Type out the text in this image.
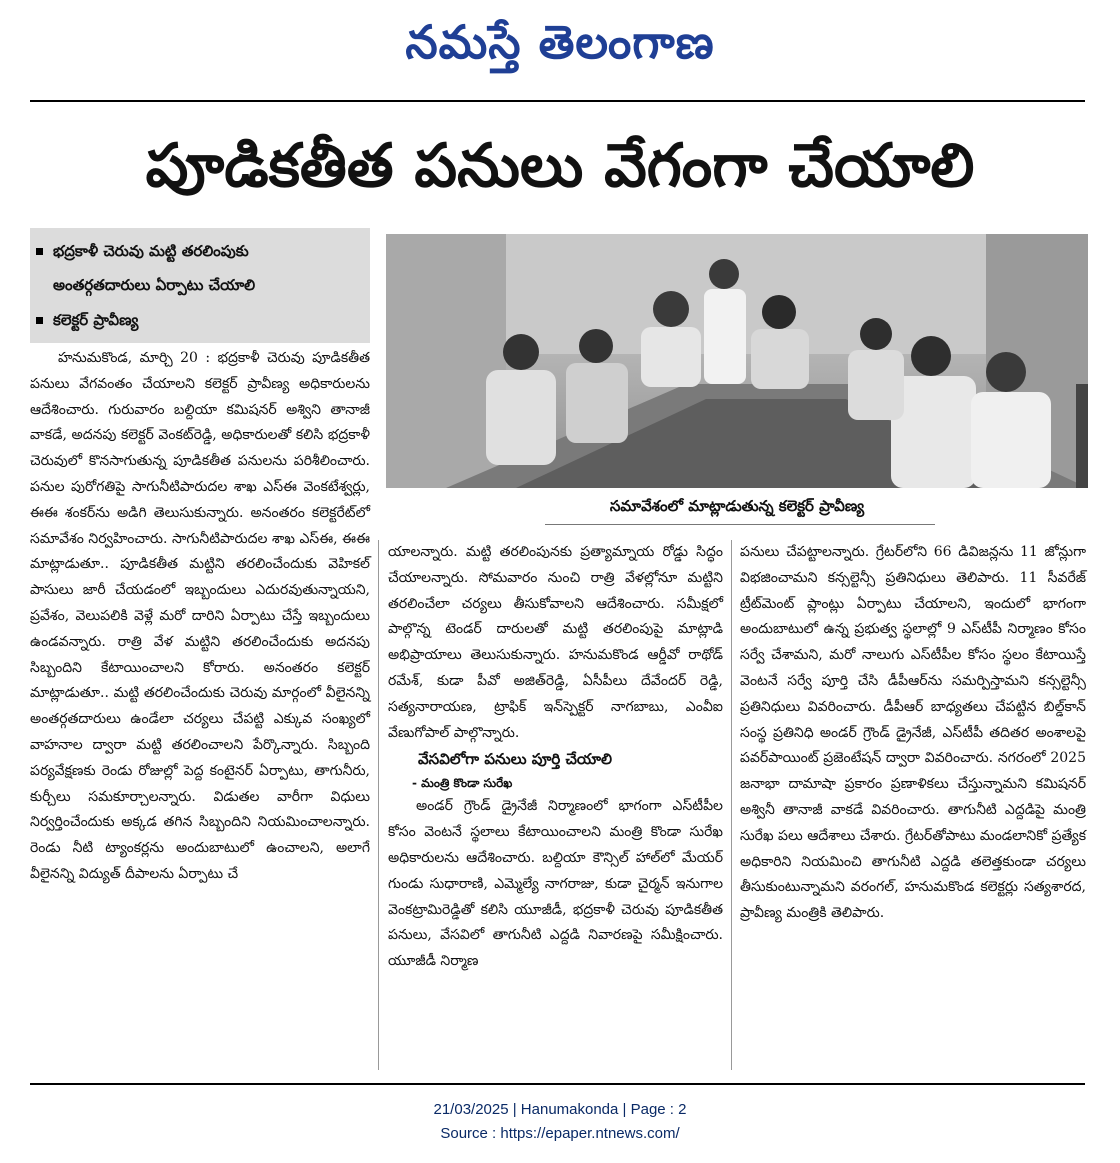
నమస్తే తెలంగాణ
పూడికతీత పనులు వేగంగా చేయాలి
భద్రకాళీ చెరువు మట్టి తరలింపుకు
అంతర్గతదారులు ఏర్పాటు చేయాలి
కలెక్టర్ ప్రావీణ్య
సమావేశంలో మాట్లాడుతున్న కలెక్టర్ ప్రావీణ్య

హనుమకొండ, మార్చి 20 : భద్రకాళీ చెరువు పూడికతీత పనులు వేగవంతం చేయాలని కలెక్టర్ ప్రావీణ్య అధికారులను ఆదేశించారు. గురువారం బల్దియా కమిషనర్ అశ్విని తానాజీ వాకడే, అదనపు కలెక్టర్ వెంకట్‌రెడ్డి, అధికారులతో కలిసి భద్రకాళీ చెరువులో కొనసాగుతున్న పూడికతీత పనులను పరిశీలించారు. పనుల పురోగతిపై సాగునీటిపారుదల శాఖ ఎస్‌ఈ వెంకటేశ్వర్లు, ఈఈ శంకర్‌ను అడిగి తెలుసుకున్నారు. అనంతరం కలెక్టరేట్‌లో సమావేశం నిర్వహించారు. సాగునీటిపారుదల శాఖ ఎస్‌ఈ, ఈఈ మాట్లాడుతూ.. పూడికతీత మట్టిని తరలించేందుకు వెహికల్ పాసులు జారీ చేయడంలో ఇబ్బందులు ఎదురవుతున్నాయని, ప్రవేశం, వెలుపలికి వెళ్లే మరో దారిని ఏర్పాటు చేస్తే ఇబ్బందులు ఉండవన్నారు. రాత్రి వేళ మట్టిని తరలించేందుకు అదనపు సిబ్బందిని కేటాయించాలని కోరారు. అనంతరం కలెక్టర్ మాట్లాడుతూ.. మట్టి తరలించేందుకు చెరువు మార్గంలో వీలైనన్ని అంతర్గతదారులు ఉండేలా చర్యలు చేపట్టి ఎక్కువ సంఖ్యలో వాహనాల ద్వారా మట్టి తరలించాలని పేర్కొన్నారు. సిబ్బంది పర్యవేక్షణకు రెండు రోజుల్లో పెద్ద కంటైనర్ ఏర్పాటు, తాగునీరు, కుర్చీలు సమకూర్చాలన్నారు. విడుతల వారీగా విధులు నిర్వర్తించేందుకు అక్కడ తగిన సిబ్బందిని నియమించాలన్నారు. రెండు నీటి ట్యాంకర్లను అందుబాటులో ఉంచాలని, అలాగే వీలైనన్ని విద్యుత్ దీపాలను ఏర్పాటు చే

యాలన్నారు. మట్టి తరలింపునకు ప్రత్యామ్నాయ రోడ్డు సిద్ధం చేయాలన్నారు. సోమవారం నుంచి రాత్రి వేళల్లోనూ మట్టిని తరలించేలా చర్యలు తీసుకోవాలని ఆదేశించారు. సమీక్షలో పాల్గొన్న టెండర్ దారులతో మట్టి తరలింపుపై మాట్లాడి అభిప్రాయాలు తెలుసుకున్నారు. హనుమకొండ ఆర్డీవో రాథోడ్ రమేశ్, కుడా పీవో అజిత్‌రెడ్డి, ఏసీపీలు దేవేందర్ రెడ్డి, సత్యనారాయణ, ట్రాఫిక్ ఇన్‌స్పెక్టర్ నాగబాబు, ఎంవీఐ వేణుగోపాల్ పాల్గొన్నారు.

వేసవిలోగా పనులు పూర్తి చేయాలి

- మంత్రి కొండా సురేఖ

అండర్ గ్రౌండ్ డ్రైనేజీ నిర్మాణంలో భాగంగా ఎస్‌టీపీల కోసం వెంటనే స్థలాలు కేటాయించాలని మంత్రి కొండా సురేఖ అధికారులను ఆదేశించారు. బల్దియా కౌన్సిల్ హాల్‌లో మేయర్ గుండు సుధారాణి, ఎమ్మెల్యే నాగరాజు, కుడా చైర్మన్ ఇనుగాల వెంకట్రామిరెడ్డితో కలిసి యూజీడీ, భద్రకాళీ చెరువు పూడికతీత పనులు, వేసవిలో తాగునీటి ఎద్దడి నివారణపై సమీక్షించారు. యూజీడీ నిర్మాణ

పనులు చేపట్టాలన్నారు. గ్రేటర్‌లోని 66 డివిజన్లను 11 జోన్లుగా విభజించామని కన్సల్టెన్సీ ప్రతినిధులు తెలిపారు. 11 సీవరేజ్ ట్రీట్‌మెంట్ ప్లాంట్లు ఏర్పాటు చేయాలని, ఇందులో భాగంగా అందుబాటులో ఉన్న ప్రభుత్వ స్థలాల్లో 9 ఎస్‌టీపీ నిర్మాణం కోసం సర్వే చేశామని, మరో నాలుగు ఎస్‌టీపీల కోసం స్థలం కేటాయిస్తే వెంటనే సర్వే పూర్తి చేసి డీపీఆర్‌ను సమర్పిస్తామని కన్సల్టెన్సీ ప్రతినిధులు వివరించారు. డీపీఆర్ బాధ్యతలు చేపట్టిన బిల్డ్‌కాన్ సంస్థ ప్రతినిధి అండర్ గ్రౌండ్ డ్రైనేజీ, ఎస్‌టీపీ తదితర అంశాలపై పవర్‌పాయింట్ ప్రజెంటేషన్ ద్వారా వివరించారు. నగరంలో 2025 జనాభా దామాషా ప్రకారం ప్రణాళికలు చేస్తున్నామని కమిషనర్ అశ్వినీ తానాజీ వాకడే వివరించారు. తాగునీటి ఎద్దడిపై మంత్రి సురేఖ పలు ఆదేశాలు చేశారు. గ్రేటర్‌తోపాటు మండలానికో ప్రత్యేక అధికారిని నియమించి తాగునీటి ఎద్దడి తలెత్తకుండా చర్యలు తీసుకుంటున్నామని వరంగల్, హనుమకొండ కలెక్టర్లు సత్యశారద, ప్రావీణ్య మంత్రికి తెలిపారు.

21/03/2025 | Hanumakonda | Page : 2
Source : https://epaper.ntnews.com/
